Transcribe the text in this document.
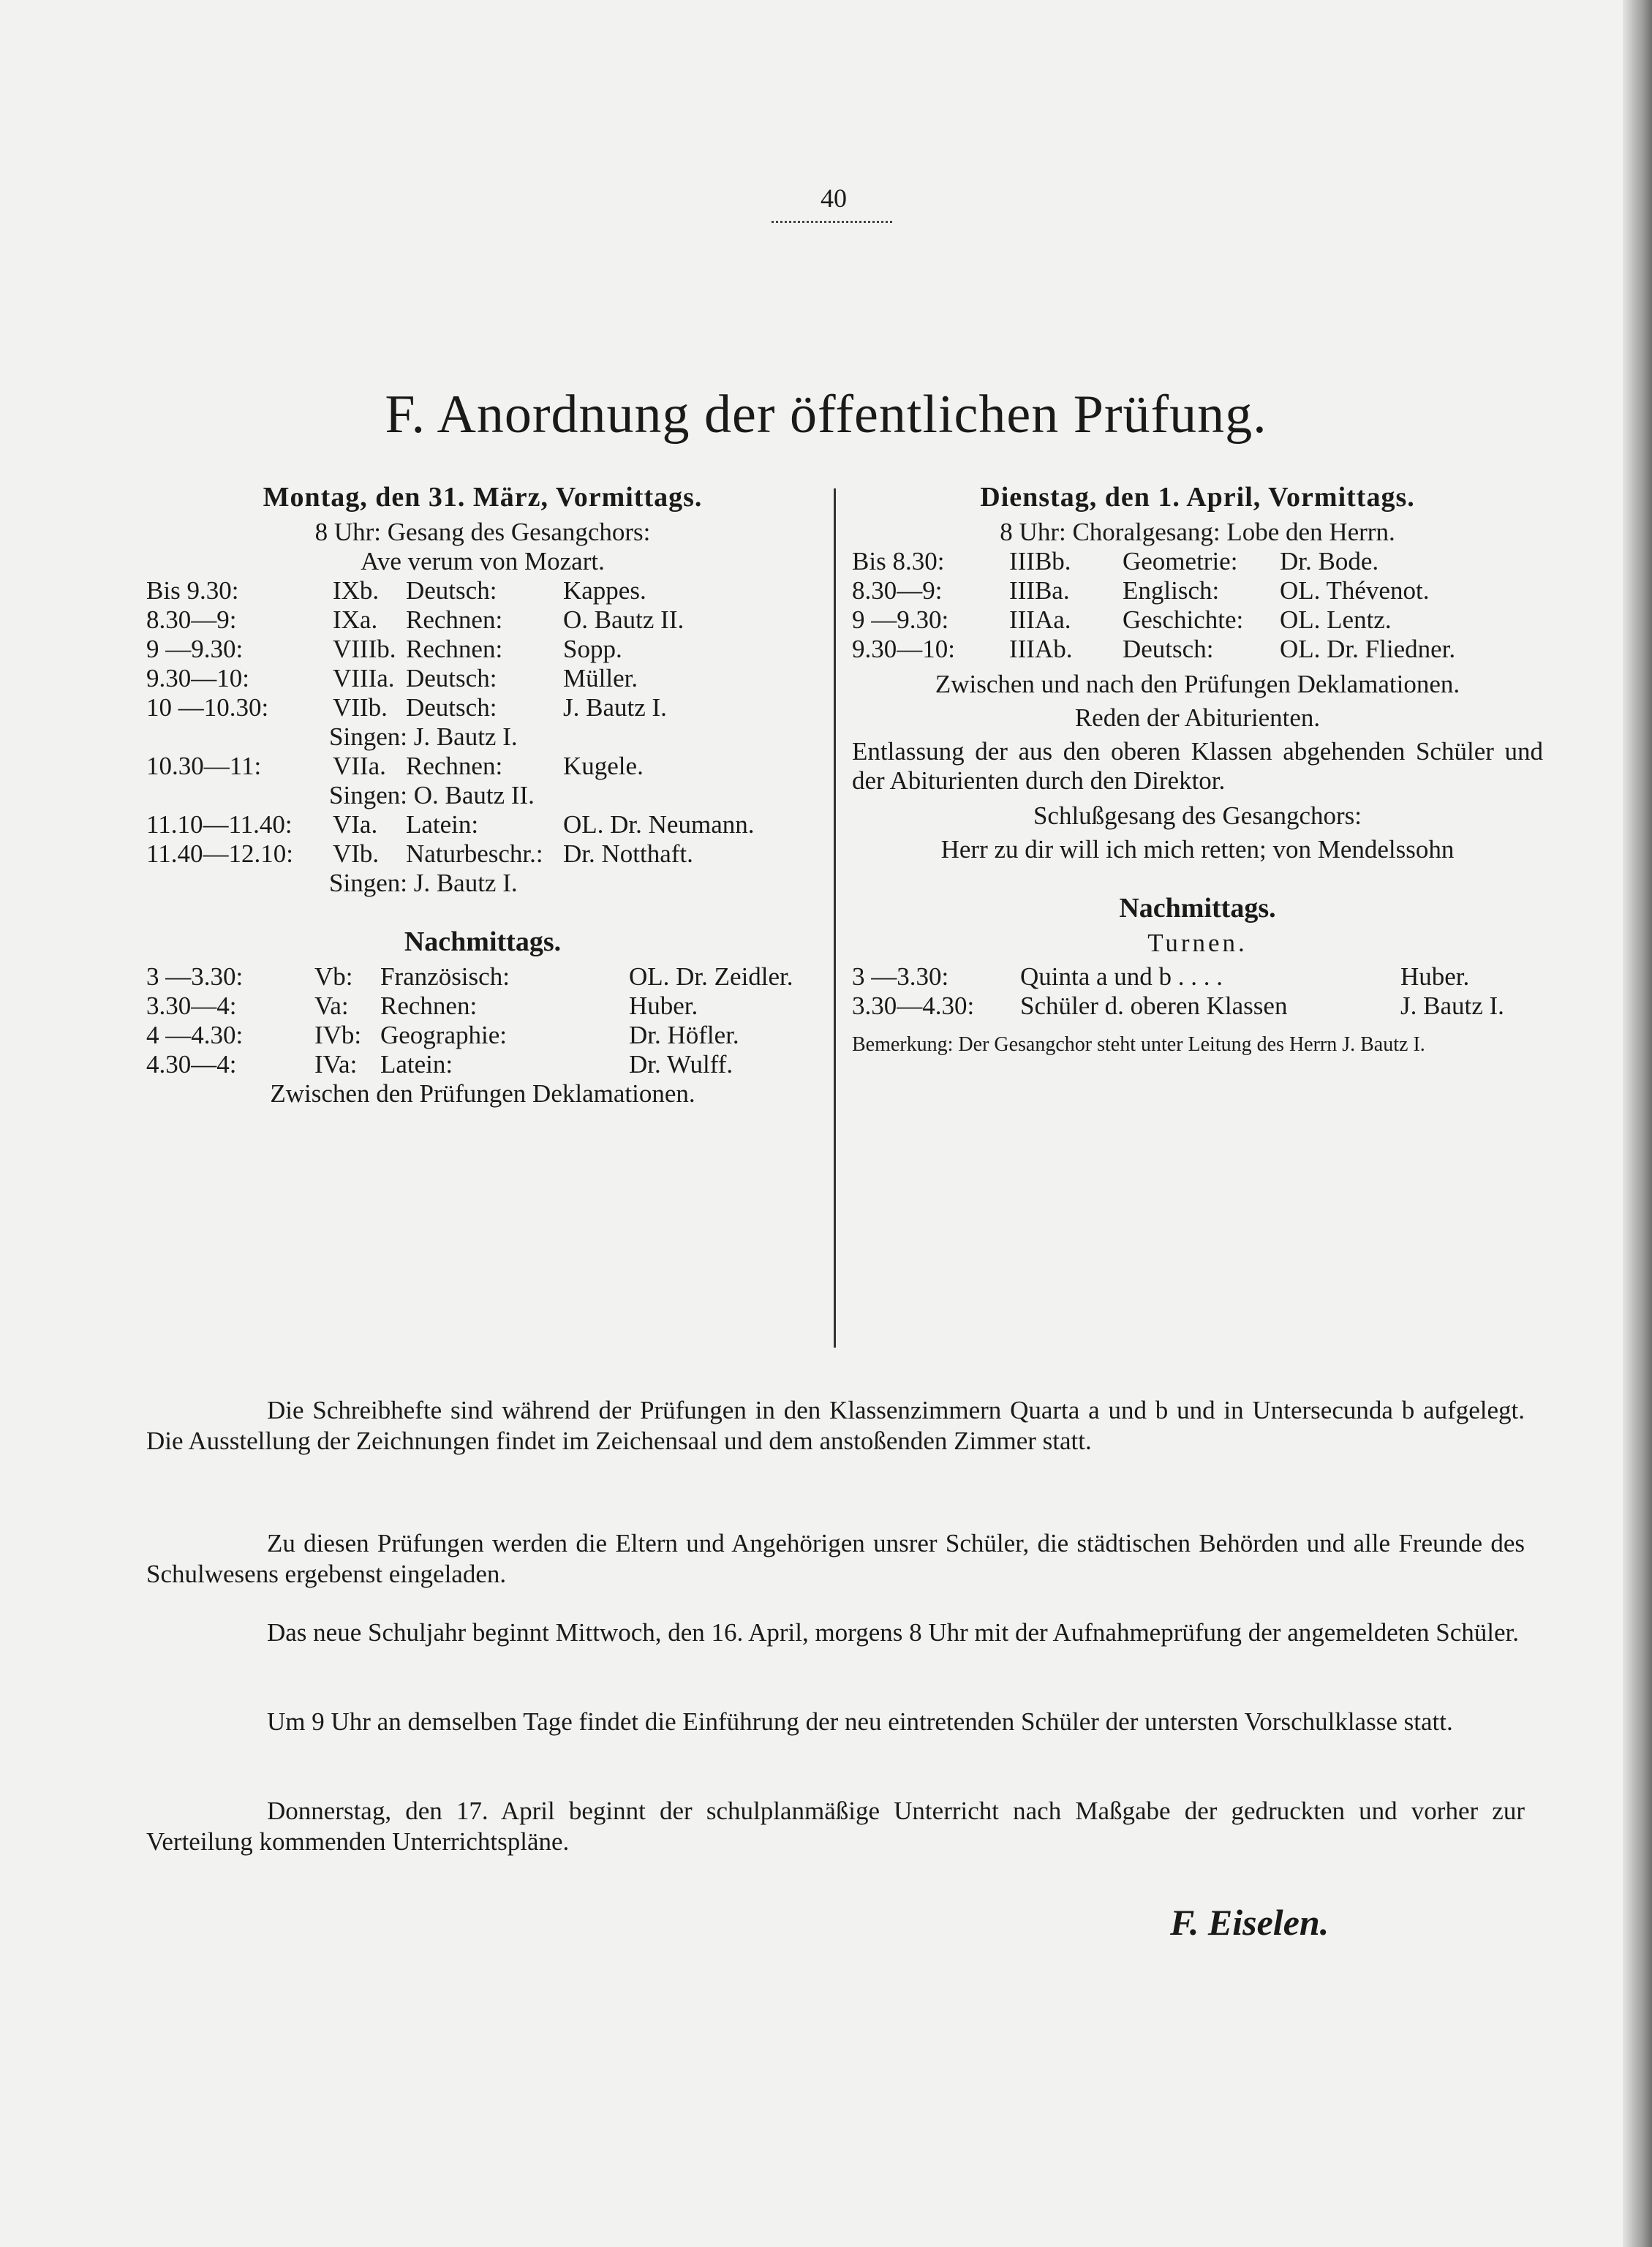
40
F. Anordnung der öffentlichen Prüfung.
Montag, den 31. März, Vormittags.
8 Uhr: Gesang des Gesangchors:
Ave verum von Mozart.
Bis 9.30:	IXb. Deutsch:	Kappes.
8.30—9:	IXa. Rechnen: O. Bautz II.
9 —9.30:	VIIIb. Rechnen: Sopp.
9.30—10:	VIIIa. Deutsch:	Müller.
10 —10.30:	VIIb. Deutsch:	J. Bautz I.
Singen: J. Bautz I.
10.30—11:	VIIa. Rechnen: Kugele.
Singen: O. Bautz II.
11.10—11.40: VIa. Latein:	OL. Dr. Neumann.
11.40—12.10: VIb. Naturbeschr.: Dr. Notthaft.
Singen: J. Bautz I.
Nachmittags.
3 —3.30:	Vb: Französisch:	OL. Dr. Zeidler.
3.30—4:	Va: Rechnen:	Huber.
4 —4.30:	IVb: Geographie:	Dr. Höfler.
4.30—4:	IVa: Latein:	Dr. Wulff.
Zwischen den Prüfungen Deklamationen.
Dienstag, den 1. April, Vormittags.
8 Uhr: Choralgesang: Lobe den Herrn.
Bis 8.30:	IIIBb. Geometrie: Dr. Bode.
8.30—9:	IIIBa. Englisch: OL. Thévenot.
9 —9.30: IIIAa. Geschichte: OL. Lentz.
9.30—10: IIIAb. Deutsch:	OL. Dr. Fliedner.
Zwischen und nach den Prüfungen Deklamationen.
Reden der Abiturienten.
Entlassung der aus den oberen Klassen abgehenden Schüler und der Abiturienten durch den Direktor.
Schlußgesang des Gesangchors:
Herr zu dir will ich mich retten; von Mendelssohn
Nachmittags.
Turnen.
3 —3.30:	Quinta a und b . . . .	Huber.
3.30—4.30: Schüler d. oberen Klassen	J. Bautz I.
Bemerkung: Der Gesangchor steht unter Leitung des Herrn J. Bautz I.
Die Schreibhefte sind während der Prüfungen in den Klassenzimmern Quarta a und b und in Untersecunda b aufgelegt. Die Ausstellung der Zeichnungen findet im Zeichensaal und dem anstoßenden Zimmer statt.
Zu diesen Prüfungen werden die Eltern und Angehörigen unsrer Schüler, die städtischen Behörden und alle Freunde des Schulwesens ergebenst eingeladen.
Das neue Schuljahr beginnt Mittwoch, den 16. April, morgens 8 Uhr mit der Aufnahmeprüfung der angemeldeten Schüler.
Um 9 Uhr an demselben Tage findet die Einführung der neu eintretenden Schüler der untersten Vorschulklasse statt.
Donnerstag, den 17. April beginnt der schulplanmäßige Unterricht nach Maßgabe der gedruckten und vorher zur Verteilung kommenden Unterrichtspläne.
F. Eiselen.
